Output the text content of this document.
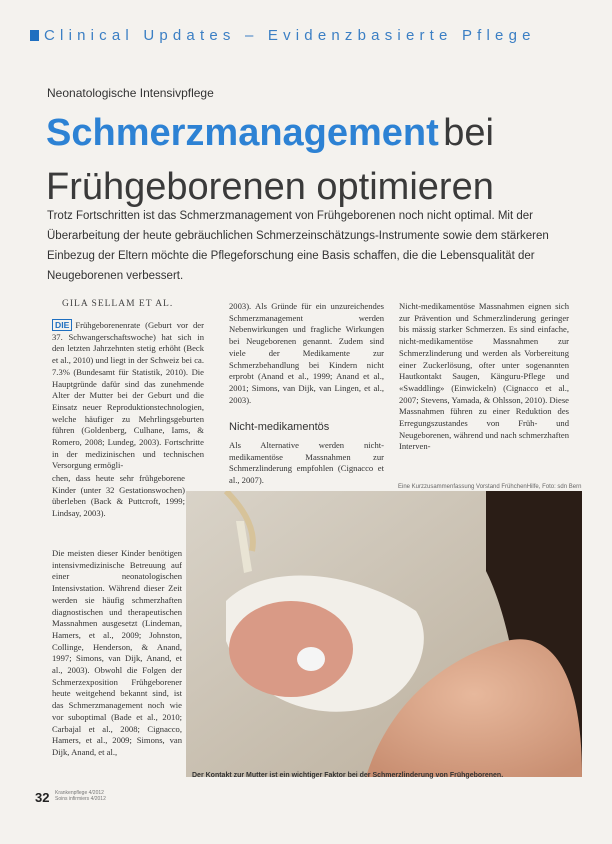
Clinical Updates – Evidenzbasierte Pflege
Neonatologische Intensivpflege
Schmerzmanagement bei
Frühgeborenen optimieren
Trotz Fortschritten ist das Schmerzmanagement von Frühgeborenen noch nicht optimal. Mit der Überarbeitung der heute gebräuchlichen Schmerzeinschätzungs-Instrumente sowie dem stärkeren Einbezug der Eltern möchte die Pflegeforschung eine Basis schaffen, die die Lebensqualität der Neugeborenen verbessert.
GILA SELLAM ET AL.
DIE Frühgeborenenrate (Geburt vor der 37. Schwangerschaftswoche) hat sich in den letzten Jahrzehnten stetig erhöht (Beck et al., 2010) und liegt in der Schweiz bei ca. 7.3% (Bundesamt für Statistik, 2010). Die Hauptgründe dafür sind das zunehmende Alter der Mutter bei der Geburt und die Einsatz neuer Reproduktionstechnologien, welche häufiger zu Mehrlingsgeburten führen (Goldenberg, Culhane, Iams, & Romero, 2008; Lundeg, 2003). Fortschritte in der medizinischen und technischen Versorgung ermögli-
chen, dass heute sehr frühgeborene Kinder (unter 32 Gestationswochen) überleben (Back & Puttcroft, 1999; Lindsay, 2003).
Die meisten dieser Kinder benötigen intensivmedizinische Betreuung auf einer neonatologischen Intensivstation. Während dieser Zeit werden sie häufig schmerzhaften diagnostischen und therapeutischen Massnahmen ausgesetzt (Lindeman, Hamers, et al., 2009; Johnston, Collinge, Henderson, & Anand, 1997; Simons, van Dijk, Anand, et al., 2003). Obwohl die Folgen der Schmerzexposition Frühgeborener heute weitgehend bekannt sind, ist das Schmerzmanagement noch wie vor suboptimal (Bade et al., 2010; Carbajal et al., 2008; Cignacco, Hamers, et al., 2009; Simons, van Dijk, Anand, et al.,
2003). Als Gründe für ein unzureichendes Schmerzmanagement werden Nebenwirkungen und fragliche Wirkungen bei Neugeborenen genannt. Zudem sind viele der Medikamente zur Schmerzbehandlung bei Kindern nicht erprobt (Anand et al., 1999; Anand et al., 2001; Simons, van Dijk, van Lingen, et al., 2003).
Nicht-medikamentös
Als Alternative werden nicht-medikamentöse Massnahmen zur Schmerzlinderung empfohlen (Cignacco et al., 2007).
Nicht-medikamentöse Massnahmen eignen sich zur Prävention und Schmerzlinderung geringer bis mässig starker Schmerzen. Es sind einfache, nicht-medikamentöse Massnahmen zur Schmerzlinderung und werden als Vorbereitung einer Zuckerlösung, ofter unter sogenannten Hautkontakt Saugen, Känguru-Pflege und «Swaddling» (Einwickeln) (Cignacco et al., 2007; Stevens, Yamada, & Ohlsson, 2010). Diese Massnahmen führen zu einer Reduktion des Erregungszustandes von Früh- und Neugeborenen, während und nach schmerzhaften Interven-
Eine Kurzzusammenfassung Vorstand FrühchenHilfe, Foto: sdn Bern
Der Kontakt zur Mutter ist ein wichtiger Faktor bei der Schmerzlinderung von Frühgeborenen.
32 Krankenpflege 4/2012
Soins infirmiers 4/2012
